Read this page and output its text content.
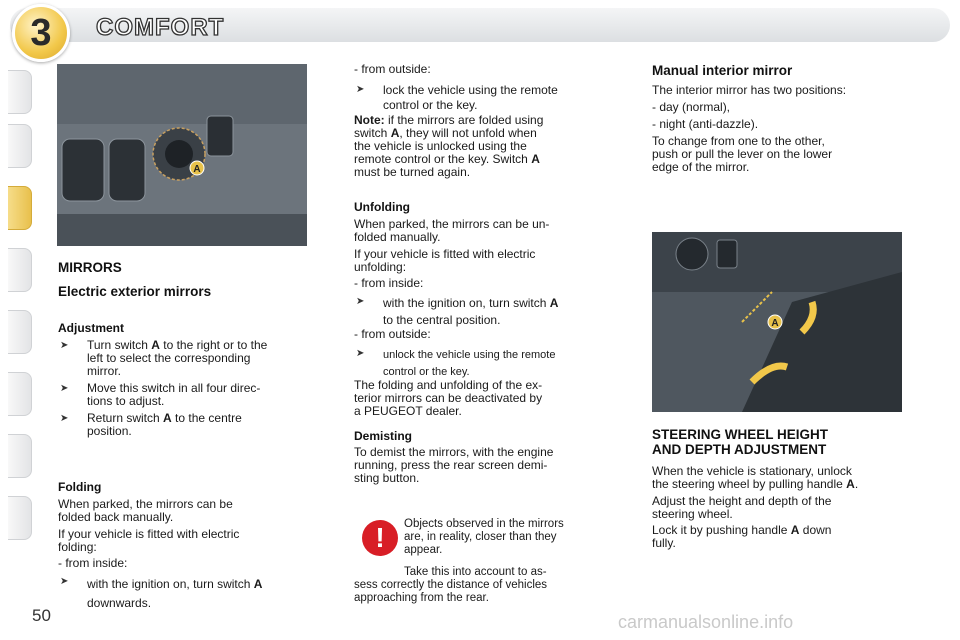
3	COMFORT
A
A
MIRRORS
Electric exterior mirrors
Adjustment
➤ Turn switch A to the right or to the
left to select the corresponding
mirror.
➤ Move this switch in all four direc-
tions to adjust.
➤ Return switch A to the centre
position.
Folding
When parked, the mirrors can be
folded back manually.
If your vehicle is fitted with electric
folding:
- from inside:
➤ with the ignition on, turn switch A
downwards.
- from outside:
➤ lock the vehicle using the remote
control or the key.
Note: if the mirrors are folded using
switch A, they will not unfold when
the vehicle is unlocked using the
remote control or the key. Switch A
must be turned again.
Unfolding
When parked, the mirrors can be un-
folded manually.
If your vehicle is fitted with electric
unfolding:
- from inside:
➤ with the ignition on, turn switch A
to the central position.
- from outside:
➤ unlock the vehicle using the remote
control or the key.
The folding and unfolding of the ex-
terior mirrors can be deactivated by
a PEUGEOT dealer.
Demisting
To demist the mirrors, with the engine
running, press the rear screen demi-
sting button.
!	Objects observed in the mirrors
are, in reality, closer than they
appear.
Take this into account to as-
sess correctly the distance of vehicles
approaching from the rear.
Manual interior mirror
The interior mirror has two positions:
- day (normal),
- night (anti-dazzle).
To change from one to the other,
push or pull the lever on the lower
edge of the mirror.
STEERING WHEEL HEIGHT
AND DEPTH ADJUSTMENT
When the vehicle is stationary, unlock
the steering wheel by pulling handle A.
Adjust the height and depth of the
steering wheel.
Lock it by pushing handle A down
fully.
50	carmanualsonline.info
